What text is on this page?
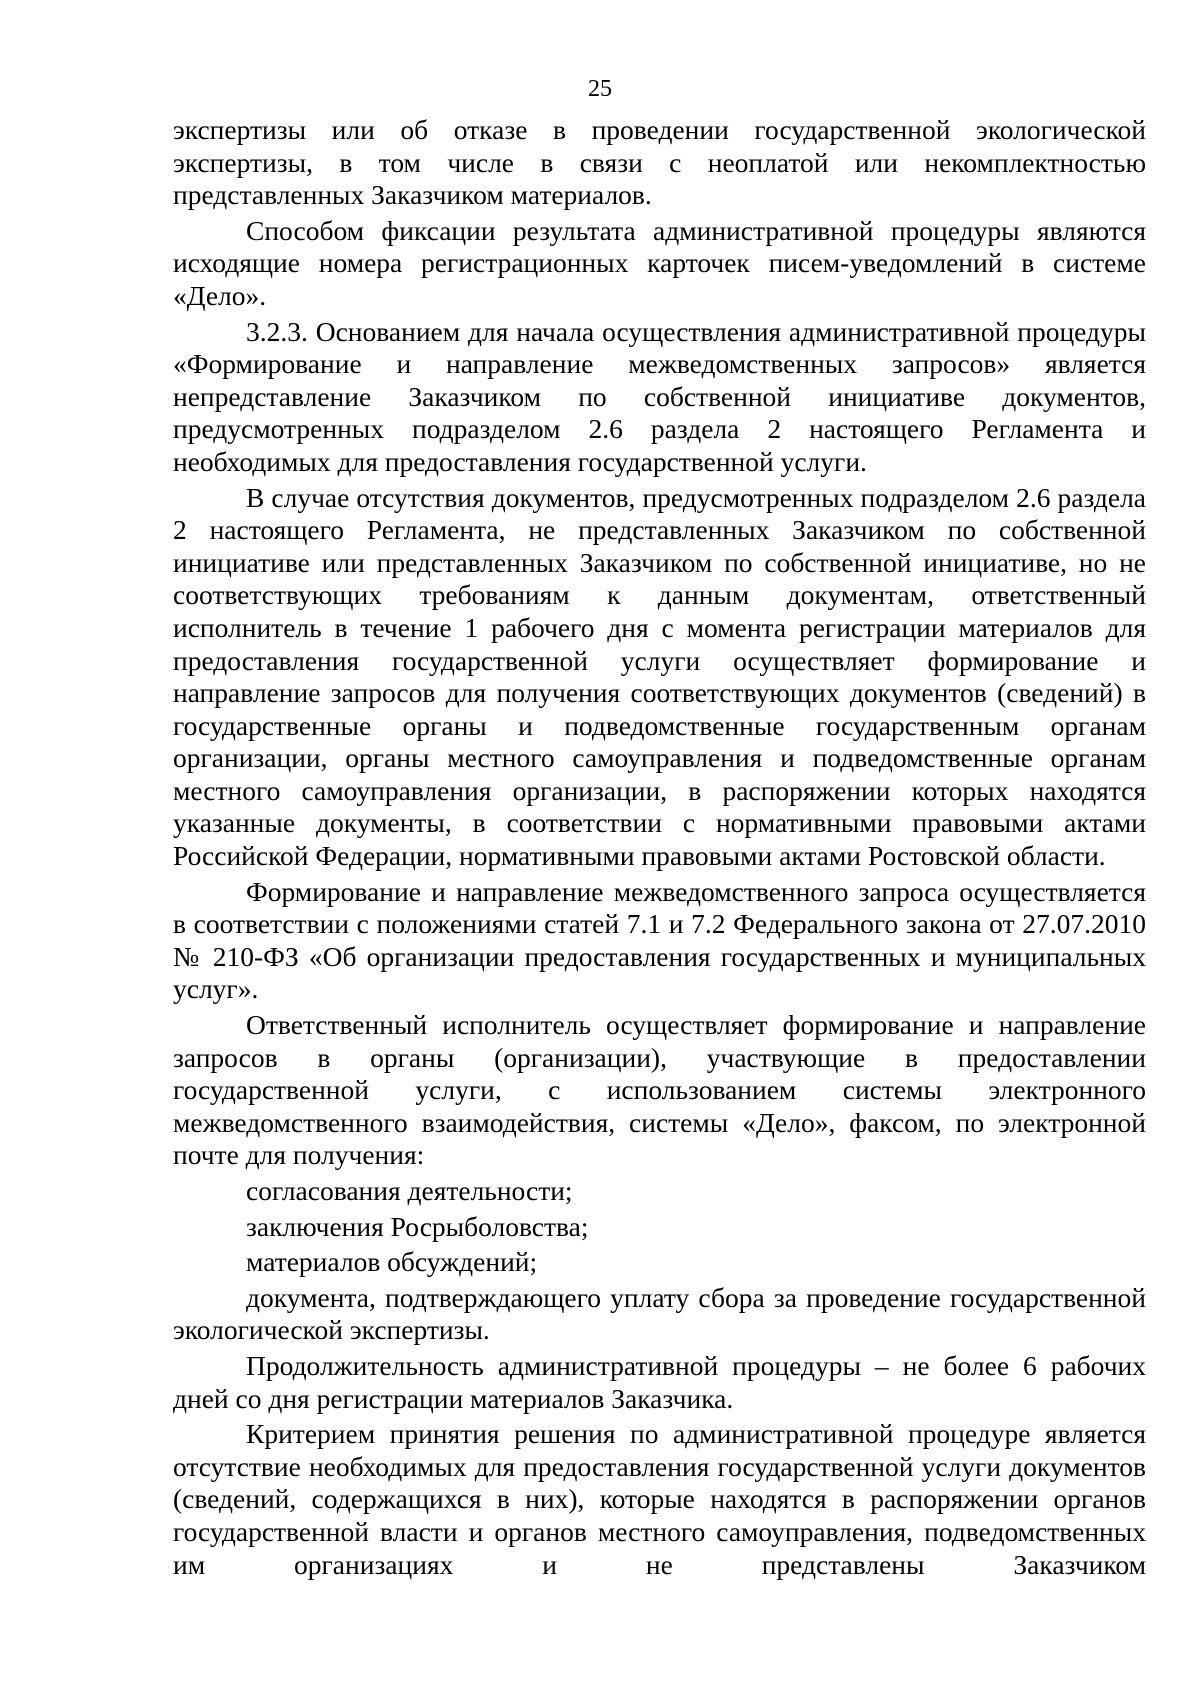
25

экспертизы или об отказе в проведении государственной экологической экспертизы, в том числе в связи с неоплатой или некомплектностью представленных Заказчиком материалов.

Способом фиксации результата административной процедуры являются исходящие номера регистрационных карточек писем-уведомлений в системе «Дело».

3.2.3. Основанием для начала осуществления административной процедуры «Формирование и направление межведомственных запросов» является непредставление Заказчиком по собственной инициативе документов, предусмотренных подразделом 2.6 раздела 2 настоящего Регламента и необходимых для предоставления государственной услуги.

В случае отсутствия документов, предусмотренных подразделом 2.6 раздела 2 настоящего Регламента, не представленных Заказчиком по собственной инициативе или представленных Заказчиком по собственной инициативе, но не соответствующих требованиям к данным документам, ответственный исполнитель в течение 1 рабочего дня с момента регистрации материалов для предоставления государственной услуги осуществляет формирование и направление запросов для получения соответствующих документов (сведений) в государственные органы и подведомственные государственным органам организации, органы местного самоуправления и подведомственные органам местного самоуправления организации, в распоряжении которых находятся указанные документы, в соответствии с нормативными правовыми актами Российской Федерации, нормативными правовыми актами Ростовской области.

Формирование и направление межведомственного запроса осуществляется в соответствии с положениями статей 7.1 и 7.2 Федерального закона от 27.07.2010 № 210-ФЗ «Об организации предоставления государственных и муниципальных услуг».

Ответственный исполнитель осуществляет формирование и направление запросов в органы (организации), участвующие в предоставлении государственной услуги, с использованием системы электронного межведомственного взаимодействия, системы «Дело», факсом, по электронной почте для получения:

согласования деятельности;

заключения Росрыболовства;

материалов обсуждений;

документа, подтверждающего уплату сбора за проведение государственной экологической экспертизы.

Продолжительность административной процедуры – не более 6 рабочих дней со дня регистрации материалов Заказчика.

Критерием принятия решения по административной процедуре является отсутствие необходимых для предоставления государственной услуги документов (сведений, содержащихся в них), которые находятся в распоряжении органов государственной власти и органов местного самоуправления, подведомственных им организациях и не представлены Заказчиком
